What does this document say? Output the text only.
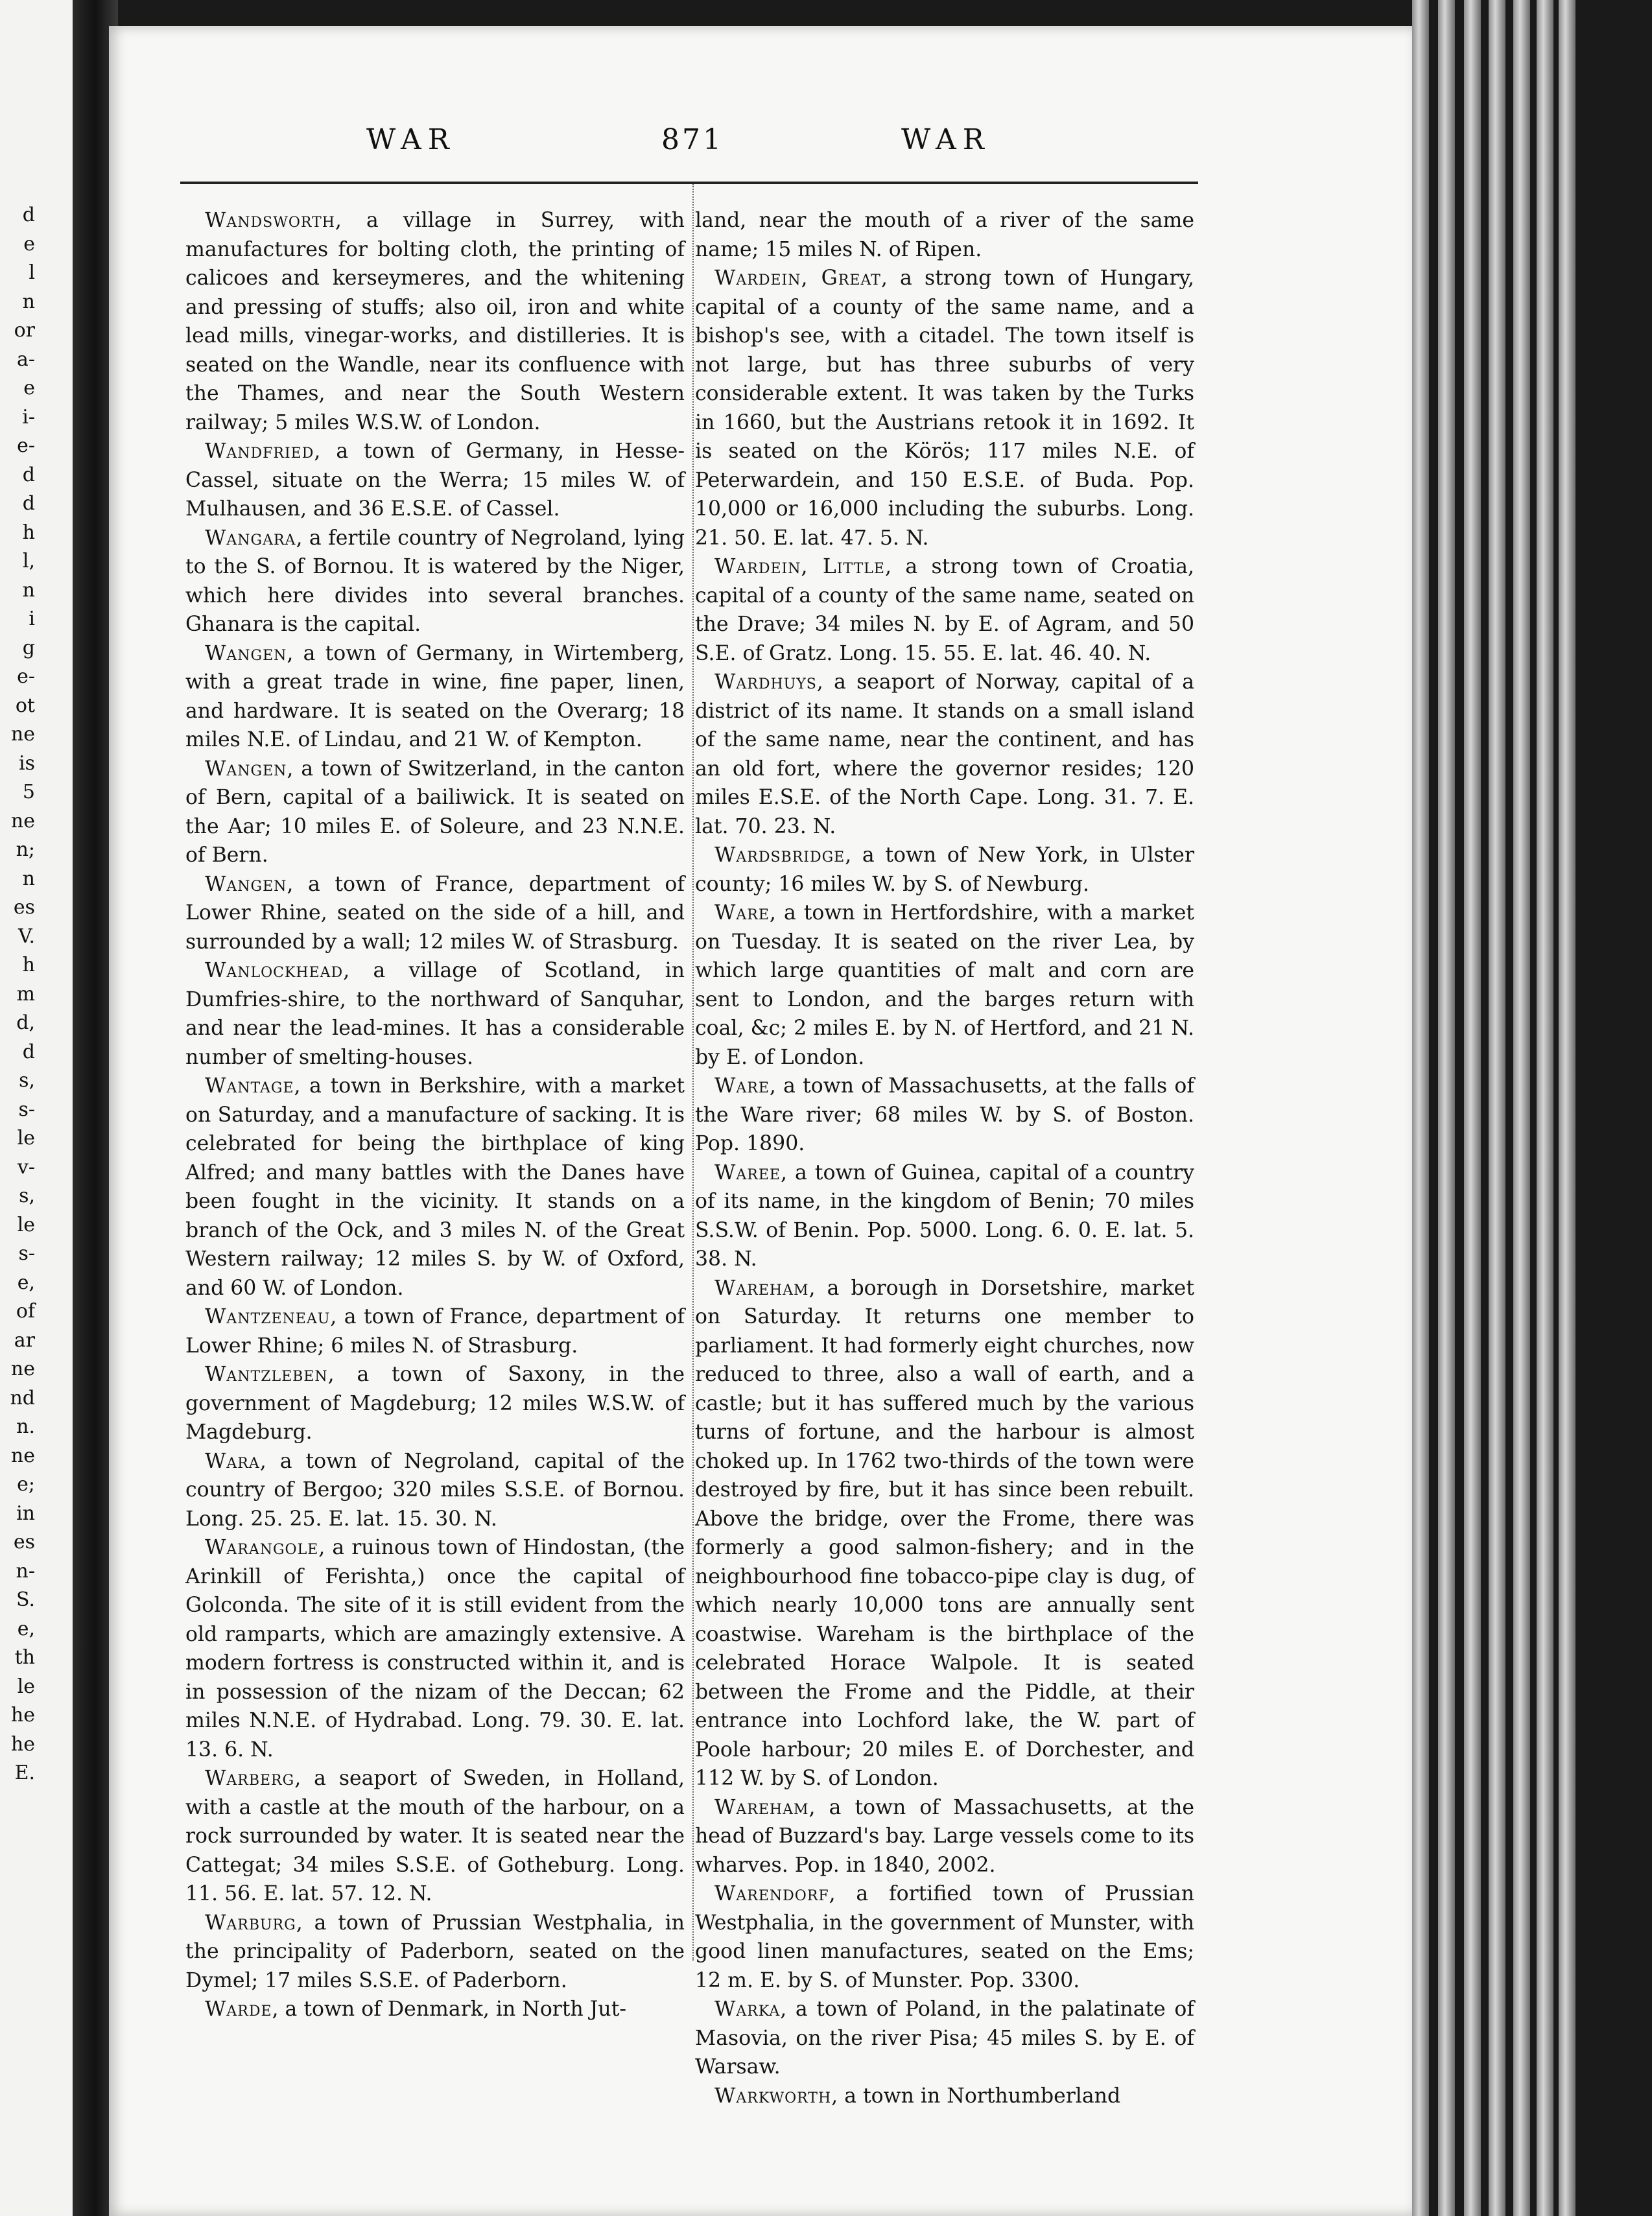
d
e
l
n
or
a-
e
i-
e-
d
d
h
l,
n
i
g
e-
ot
ne
is
5
ne
n;
n
es
V.
h
m
d,
d
s,
s-
le
v-
s,
le
s-
e,
of
ar
ne
nd
n.
ne
e;
in
es
n-
S.
e,
th
le
he
he
E.
WAR	871	WAR

Wandsworth, a village in Surrey, with manufactures for bolting cloth, the printing of calicoes and kerseymeres, and the whitening and pressing of stuffs; also oil, iron and white lead mills, vinegar-works, and distilleries. It is seated on the Wandle, near its confluence with the Thames, and near the South Western railway; 5 miles W.S.W. of London.

Wandfried, a town of Germany, in Hesse-Cassel, situate on the Werra; 15 miles W. of Mulhausen, and 36 E.S.E. of Cassel.

Wangara, a fertile country of Negroland, lying to the S. of Bornou. It is watered by the Niger, which here divides into several branches. Ghanara is the capital.

Wangen, a town of Germany, in Wirtemberg, with a great trade in wine, fine paper, linen, and hardware. It is seated on the Overarg; 18 miles N.E. of Lindau, and 21 W. of Kempton.

Wangen, a town of Switzerland, in the canton of Bern, capital of a bailiwick. It is seated on the Aar; 10 miles E. of Soleure, and 23 N.N.E. of Bern.

Wangen, a town of France, department of Lower Rhine, seated on the side of a hill, and surrounded by a wall; 12 miles W. of Strasburg.

Wanlockhead, a village of Scotland, in Dumfries-shire, to the northward of Sanquhar, and near the lead-mines. It has a considerable number of smelting-houses.

Wantage, a town in Berkshire, with a market on Saturday, and a manufacture of sacking. It is celebrated for being the birthplace of king Alfred; and many battles with the Danes have been fought in the vicinity. It stands on a branch of the Ock, and 3 miles N. of the Great Western railway; 12 miles S. by W. of Oxford, and 60 W. of London.

Wantzeneau, a town of France, department of Lower Rhine; 6 miles N. of Strasburg.

Wantzleben, a town of Saxony, in the government of Magdeburg; 12 miles W.S.W. of Magdeburg.

Wara, a town of Negroland, capital of the country of Bergoo; 320 miles S.S.E. of Bornou. Long. 25. 25. E. lat. 15. 30. N.

Warangole, a ruinous town of Hindostan, (the Arinkill of Ferishta,) once the capital of Golconda. The site of it is still evident from the old ramparts, which are amazingly extensive. A modern fortress is constructed within it, and is in possession of the nizam of the Deccan; 62 miles N.N.E. of Hydrabad. Long. 79. 30. E. lat. 13. 6. N.

Warberg, a seaport of Sweden, in Holland, with a castle at the mouth of the harbour, on a rock surrounded by water. It is seated near the Cattegat; 34 miles S.S.E. of Gotheburg. Long. 11. 56. E. lat. 57. 12. N.

Warburg, a town of Prussian Westphalia, in the principality of Paderborn, seated on the Dymel; 17 miles S.S.E. of Paderborn.

Warde, a town of Denmark, in North Jut-

land, near the mouth of a river of the same name; 15 miles N. of Ripen.

Wardein, Great, a strong town of Hungary, capital of a county of the same name, and a bishop's see, with a citadel. The town itself is not large, but has three suburbs of very considerable extent. It was taken by the Turks in 1660, but the Austrians retook it in 1692. It is seated on the Körös; 117 miles N.E. of Peterwardein, and 150 E.S.E. of Buda. Pop. 10,000 or 16,000 including the suburbs. Long. 21. 50. E. lat. 47. 5. N.

Wardein, Little, a strong town of Croatia, capital of a county of the same name, seated on the Drave; 34 miles N. by E. of Agram, and 50 S.E. of Gratz. Long. 15. 55. E. lat. 46. 40. N.

Wardhuys, a seaport of Norway, capital of a district of its name. It stands on a small island of the same name, near the continent, and has an old fort, where the governor resides; 120 miles E.S.E. of the North Cape. Long. 31. 7. E. lat. 70. 23. N.

Wardsbridge, a town of New York, in Ulster county; 16 miles W. by S. of Newburg.

Ware, a town in Hertfordshire, with a market on Tuesday. It is seated on the river Lea, by which large quantities of malt and corn are sent to London, and the barges return with coal, &c; 2 miles E. by N. of Hertford, and 21 N. by E. of London.

Ware, a town of Massachusetts, at the falls of the Ware river; 68 miles W. by S. of Boston. Pop. 1890.

Waree, a town of Guinea, capital of a country of its name, in the kingdom of Benin; 70 miles S.S.W. of Benin. Pop. 5000. Long. 6. 0. E. lat. 5. 38. N.

Wareham, a borough in Dorsetshire, market on Saturday. It returns one member to parliament. It had formerly eight churches, now reduced to three, also a wall of earth, and a castle; but it has suffered much by the various turns of fortune, and the harbour is almost choked up. In 1762 two-thirds of the town were destroyed by fire, but it has since been rebuilt. Above the bridge, over the Frome, there was formerly a good salmon-fishery; and in the neighbourhood fine tobacco-pipe clay is dug, of which nearly 10,000 tons are annually sent coastwise. Wareham is the birthplace of the celebrated Horace Walpole. It is seated between the Frome and the Piddle, at their entrance into Lochford lake, the W. part of Poole harbour; 20 miles E. of Dorchester, and 112 W. by S. of London.

Wareham, a town of Massachusetts, at the head of Buzzard's bay. Large vessels come to its wharves. Pop. in 1840, 2002.

Warendorf, a fortified town of Prussian Westphalia, in the government of Munster, with good linen manufactures, seated on the Ems; 12 m. E. by S. of Munster. Pop. 3300.

Warka, a town of Poland, in the palatinate of Masovia, on the river Pisa; 45 miles S. by E. of Warsaw.

Warkworth, a town in Northumberland
